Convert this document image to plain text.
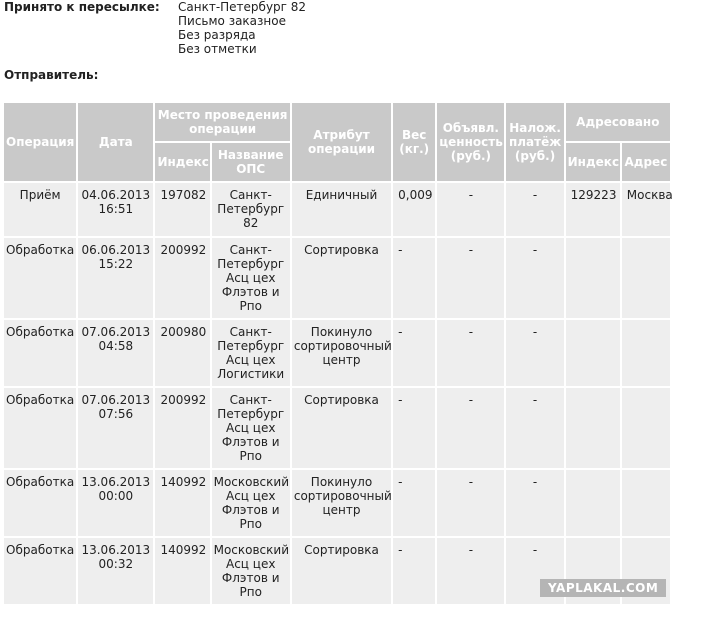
Принято к пересылке: Санкт-Петербург 82
Письмо заказное
Без разряда
Без отметки
Отправитель:
Операция	Дата	Место проведения операции		Атрибут операции	Вес (кг.)	Объявл. ценность (руб.)	Налож. платёж (руб.)	Адресовано	
		Индекс	Название ОПС					Индекс	Адрес
Приём	04.06.2013 16:51	197082	Санкт-Петербург 82	Единичный	0,009	-	-	129223	Москва
Обработка	06.06.2013 15:22	200992	Санкт-Петербург Асц цех Флэтов и Рпо	Сортировка	-	-	-		
Обработка	07.06.2013 04:58	200980	Санкт-Петербург Асц цех Логистики	Покинуло сортировочный центр	-	-	-		
Обработка	07.06.2013 07:56	200992	Санкт-Петербург Асц цех Флэтов и Рпо	Сортировка	-	-	-		
Обработка	13.06.2013 00:00	140992	Московский Асц цех Флэтов и Рпо	Покинуло сортировочный центр	-	-	-		
Обработка	13.06.2013 00:32	140992	Московский Асц цех Флэтов и Рпо	Сортировка	-	-	-		
YAPLAKAL.COM
